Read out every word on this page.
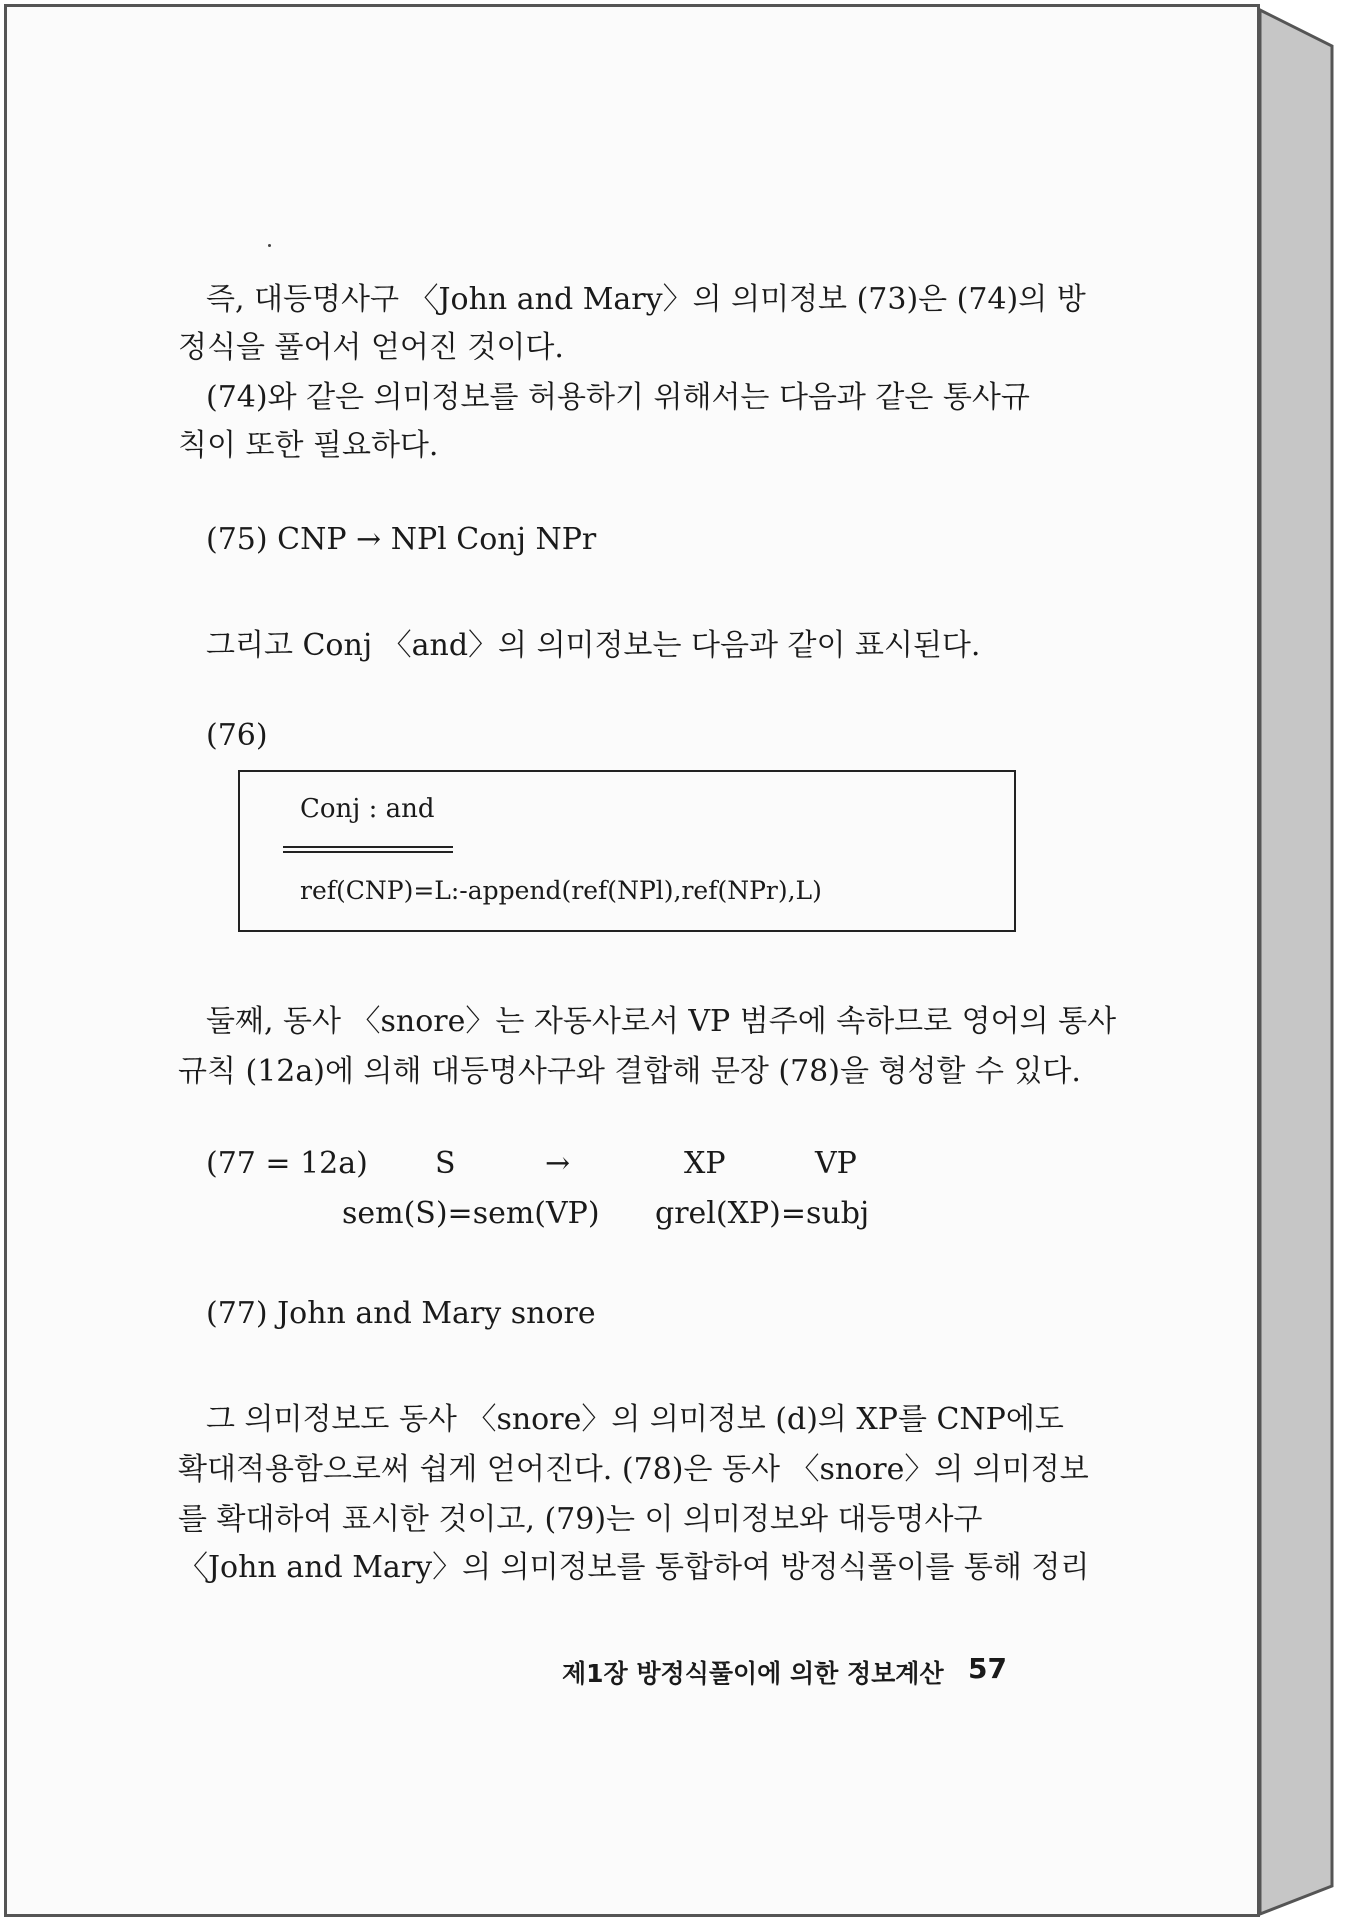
즉, 대등명사구 〈John and Mary〉의 의미정보 (73)은 (74)의 방
정식을 풀어서 얻어진 것이다.
(74)와 같은 의미정보를 허용하기 위해서는 다음과 같은 통사규
칙이 또한 필요하다.
(75) CNP → NPl Conj NPr
그리고 Conj 〈and〉의 의미정보는 다음과 같이 표시된다.
(76)
Conj : and
ref(CNP)=L:-append(ref(NPl),ref(NPr),L)
둘째, 동사 〈snore〉는 자동사로서 VP 범주에 속하므로 영어의 통사
규칙 (12a)에 의해 대등명사구와 결합해 문장 (78)을 형성할 수 있다.
(77 = 12a) S	→	XP	VP
sem(S)=sem(VP) grel(XP)=subj
(77) John and Mary snore
그 의미정보도 동사 〈snore〉의 의미정보 (d)의 XP를 CNP에도
확대적용함으로써 쉽게 얻어진다. (78)은 동사 〈snore〉의 의미정보
를 확대하여 표시한 것이고, (79)는 이 의미정보와 대등명사구
〈John and Mary〉의 의미정보를 통합하여 방정식풀이를 통해 정리
제1장 방정식풀이에 의한 정보계산 57
